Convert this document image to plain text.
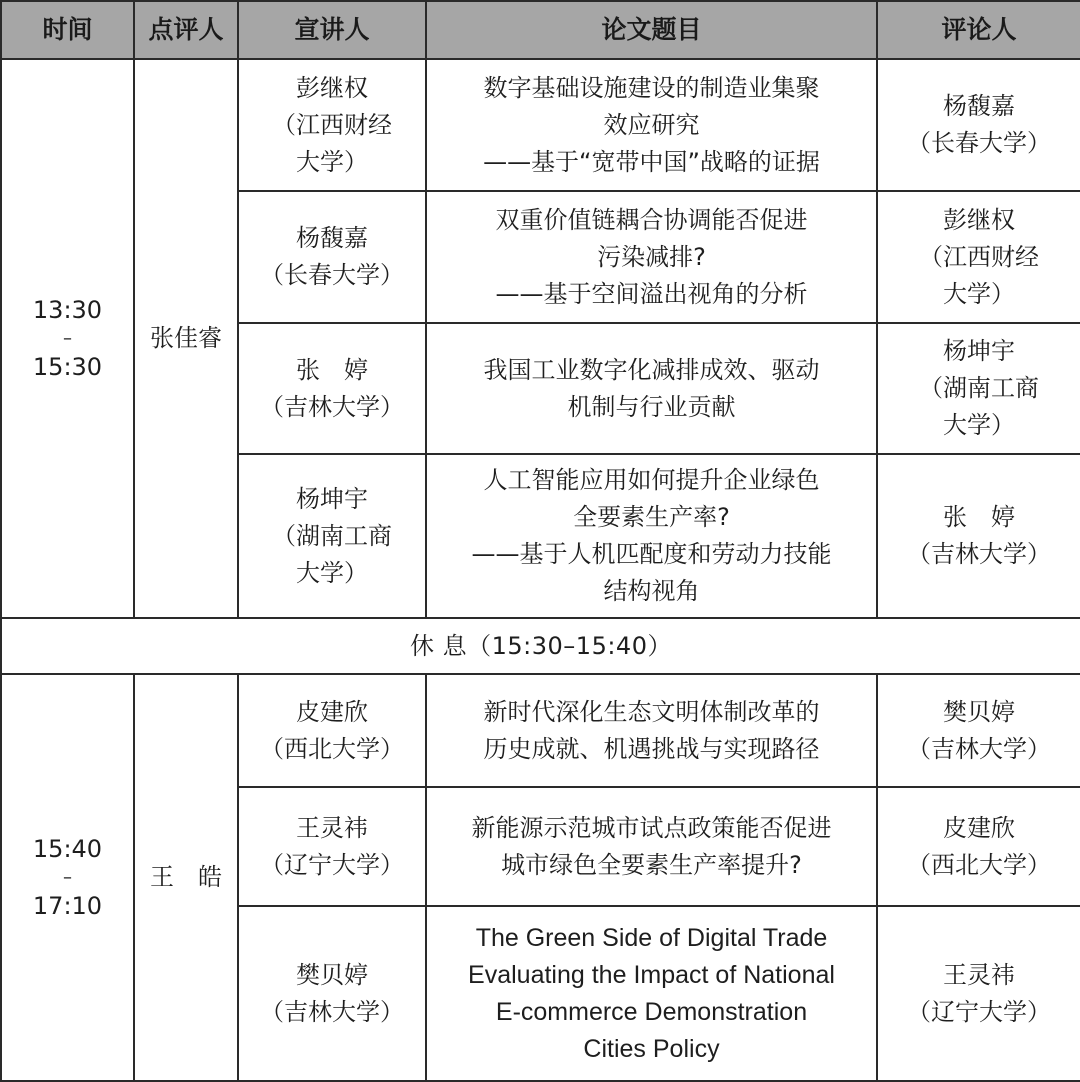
时间	点评人	宣讲人	论文题目	评论人

13:30
–
15:30	张佳睿	彭继权
（江西财经
大学）	数字基础设施建设的制造业集聚
效应研究
——基于“宽带中国”战略的证据	杨馥嘉
（长春大学）

		杨馥嘉
（长春大学）	双重价值链耦合协调能否促进
污染减排?
——基于空间溢出视角的分析	彭继权
（江西财经
大学）

		张　婷
（吉林大学）	我国工业数字化减排成效、驱动
机制与行业贡献	杨坤宇
（湖南工商
大学）

		杨坤宇
（湖南工商
大学）	人工智能应用如何提升企业绿色
全要素生产率?
——基于人机匹配度和劳动力技能
结构视角	张　婷
（吉林大学）

休 息（15:30–15:40）				

15:40
–
17:10	王　皓	皮建欣
（西北大学）	新时代深化生态文明体制改革的
历史成就、机遇挑战与实现路径	樊贝婷
（吉林大学）

		王灵祎
（辽宁大学）	新能源示范城市试点政策能否促进
城市绿色全要素生产率提升?	皮建欣
（西北大学）

		樊贝婷
（吉林大学）	The Green Side of Digital Trade
Evaluating the Impact of National
E-commerce Demonstration
Cities Policy	王灵祎
（辽宁大学）
